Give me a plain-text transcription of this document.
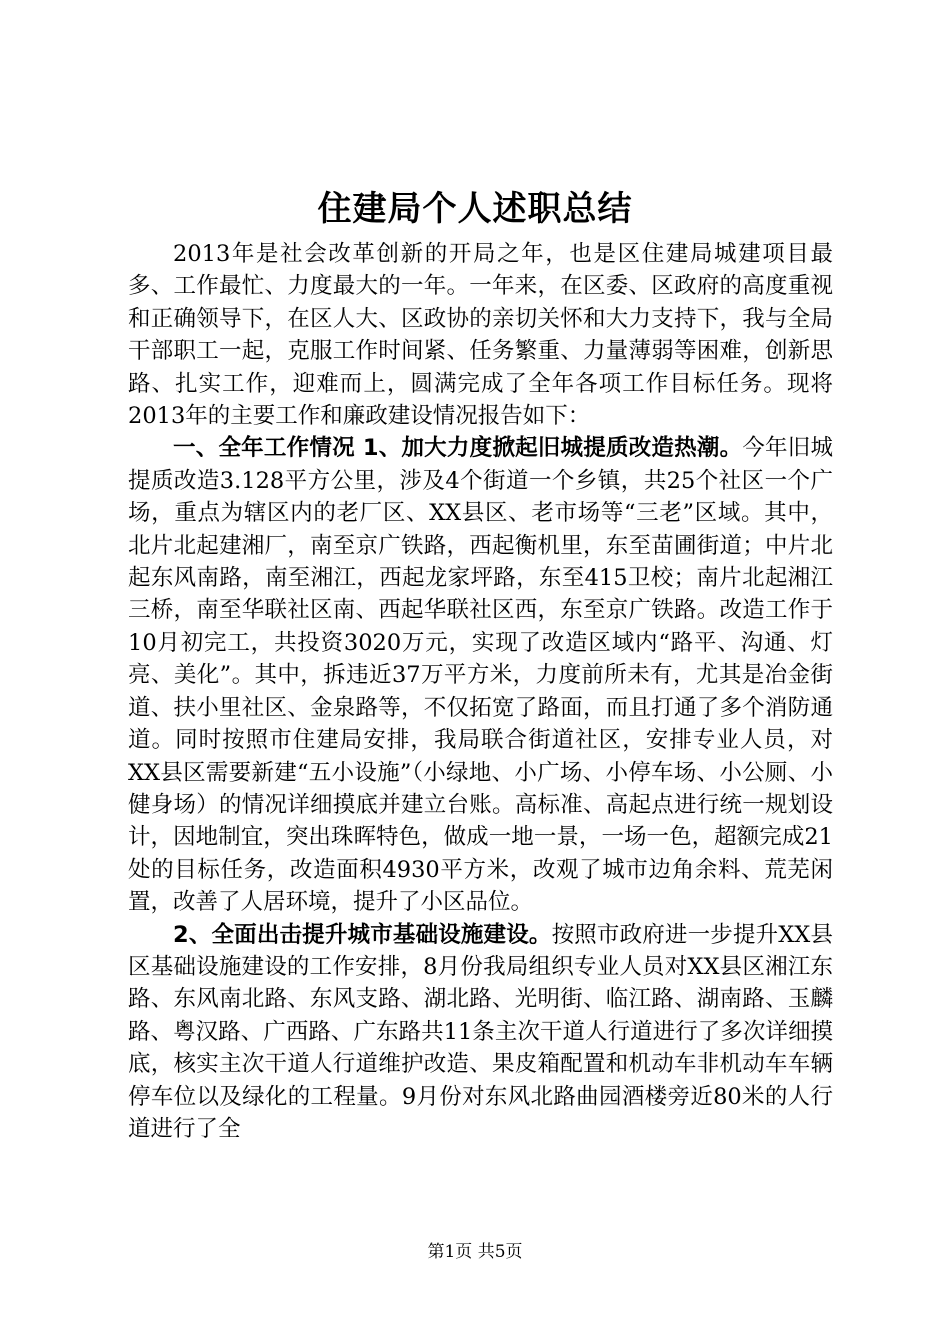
住建局个人述职总结

2013年是社会改革创新的开局之年，也是区住建局城建项目最多、工作最忙、力度最大的一年。一年来，在区委、区政府的高度重视和正确领导下，在区人大、区政协的亲切关怀和大力支持下，我与全局干部职工一起，克服工作时间紧、任务繁重、力量薄弱等困难，创新思路、扎实工作，迎难而上，圆满完成了全年各项工作目标任务。现将2013年的主要工作和廉政建设情况报告如下：

一、全年工作情况 1、加大力度掀起旧城提质改造热潮。今年旧城提质改造3.128平方公里，涉及4个街道一个乡镇，共25个社区一个广场，重点为辖区内的老厂区、XX县区、老市场等“三老”区域。其中，北片北起建湘厂，南至京广铁路，西起衡机里，东至苗圃街道；中片北起东风南路，南至湘江，西起龙家坪路，东至415卫校；南片北起湘江三桥，南至华联社区南、西起华联社区西，东至京广铁路。改造工作于10月初完工，共投资3020万元，实现了改造区域内“路平、沟通、灯亮、美化”。其中，拆违近37万平方米，力度前所未有，尤其是冶金街道、扶小里社区、金泉路等，不仅拓宽了路面，而且打通了多个消防通道。同时按照市住建局安排，我局联合街道社区，安排专业人员，对XX县区需要新建“五小设施”（小绿地、小广场、小停车场、小公厕、小健身场）的情况详细摸底并建立台账。高标准、高起点进行统一规划设计，因地制宜，突出珠晖特色，做成一地一景，一场一色，超额完成21处的目标任务，改造面积4930平方米，改观了城市边角余料、荒芜闲置，改善了人居环境，提升了小区品位。

2、全面出击提升城市基础设施建设。按照市政府进一步提升XX县区基础设施建设的工作安排，8月份我局组织专业人员对XX县区湘江东路、东风南北路、东风支路、湖北路、光明街、临江路、湖南路、玉麟路、粤汉路、广西路、广东路共11条主次干道人行道进行了多次详细摸底，核实主次干道人行道维护改造、果皮箱配置和机动车非机动车车辆停车位以及绿化的工程量。9月份对东风北路曲园酒楼旁近80米的人行道进行了全

第1页 共5页
